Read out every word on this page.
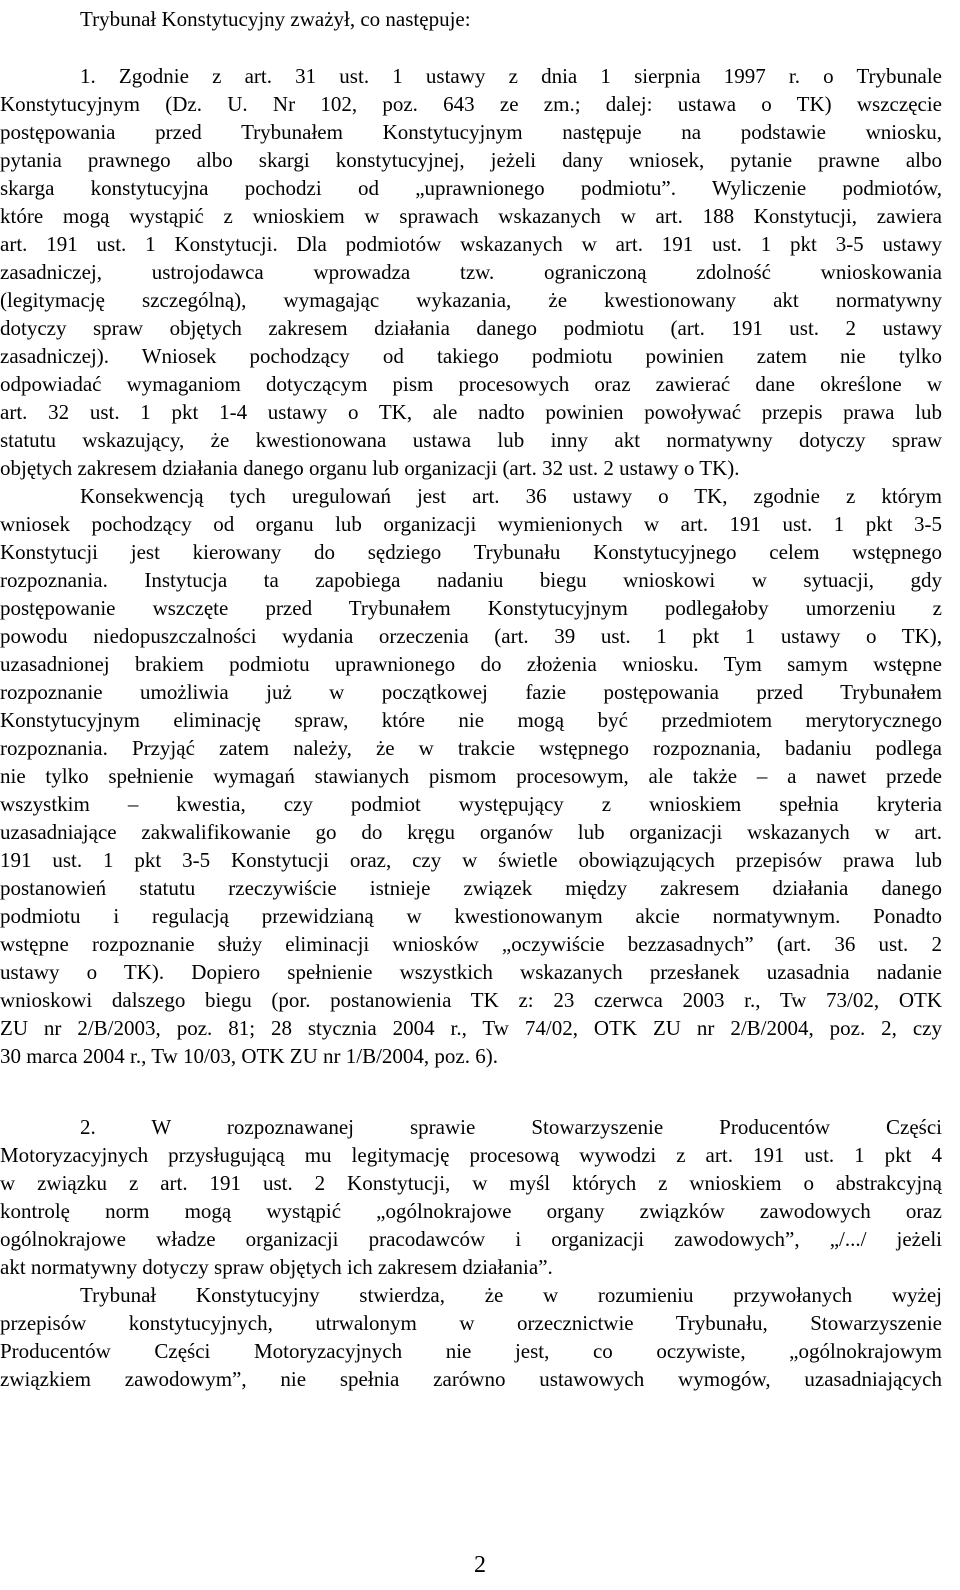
Trybunał Konstytucyjny zważył, co następuje:
1. Zgodnie z art. 31 ust. 1 ustawy z dnia 1 sierpnia 1997 r. o Trybunale
Konstytucyjnym (Dz. U. Nr 102, poz. 643 ze zm.; dalej: ustawa o TK) wszczęcie
postępowania przed Trybunałem Konstytucyjnym następuje na podstawie wniosku,
pytania prawnego albo skargi konstytucyjnej, jeżeli dany wniosek, pytanie prawne albo
skarga konstytucyjna pochodzi od „uprawnionego podmiotu”. Wyliczenie podmiotów,
które mogą wystąpić z wnioskiem w sprawach wskazanych w art. 188 Konstytucji, zawiera
art. 191 ust. 1 Konstytucji. Dla podmiotów wskazanych w art. 191 ust. 1 pkt 3-5 ustawy
zasadniczej, ustrojodawca wprowadza tzw. ograniczoną zdolność wnioskowania
(legitymację szczególną), wymagając wykazania, że kwestionowany akt normatywny
dotyczy spraw objętych zakresem działania danego podmiotu (art. 191 ust. 2 ustawy
zasadniczej). Wniosek pochodzący od takiego podmiotu powinien zatem nie tylko
odpowiadać wymaganiom dotyczącym pism procesowych oraz zawierać dane określone w
art. 32 ust. 1 pkt 1-4 ustawy o TK, ale nadto powinien powoływać przepis prawa lub
statutu wskazujący, że kwestionowana ustawa lub inny akt normatywny dotyczy spraw
objętych zakresem działania danego organu lub organizacji (art. 32 ust. 2 ustawy o TK).
Konsekwencją tych uregulowań jest art. 36 ustawy o TK, zgodnie z którym
wniosek pochodzący od organu lub organizacji wymienionych w art. 191 ust. 1 pkt 3-5
Konstytucji jest kierowany do sędziego Trybunału Konstytucyjnego celem wstępnego
rozpoznania. Instytucja ta zapobiega nadaniu biegu wnioskowi w sytuacji, gdy
postępowanie wszczęte przed Trybunałem Konstytucyjnym podlegałoby umorzeniu z
powodu niedopuszczalności wydania orzeczenia (art. 39 ust. 1 pkt 1 ustawy o TK),
uzasadnionej brakiem podmiotu uprawnionego do złożenia wniosku. Tym samym wstępne
rozpoznanie umożliwia już w początkowej fazie postępowania przed Trybunałem
Konstytucyjnym eliminację spraw, które nie mogą być przedmiotem merytorycznego
rozpoznania. Przyjąć zatem należy, że w trakcie wstępnego rozpoznania, badaniu podlega
nie tylko spełnienie wymagań stawianych pismom procesowym, ale także – a nawet przede
wszystkim – kwestia, czy podmiot występujący z wnioskiem spełnia kryteria
uzasadniające zakwalifikowanie go do kręgu organów lub organizacji wskazanych w art.
191 ust. 1 pkt 3-5 Konstytucji oraz, czy w świetle obowiązujących przepisów prawa lub
postanowień statutu rzeczywiście istnieje związek między zakresem działania danego
podmiotu i regulacją przewidzianą w kwestionowanym akcie normatywnym. Ponadto
wstępne rozpoznanie służy eliminacji wniosków „oczywiście bezzasadnych” (art. 36 ust. 2
ustawy o TK). Dopiero spełnienie wszystkich wskazanych przesłanek uzasadnia nadanie
wnioskowi dalszego biegu (por. postanowienia TK z: 23 czerwca 2003 r., Tw 73/02, OTK
ZU nr 2/B/2003, poz. 81; 28 stycznia 2004 r., Tw 74/02, OTK ZU nr 2/B/2004, poz. 2, czy
30 marca 2004 r., Tw 10/03, OTK ZU nr 1/B/2004, poz. 6).
2. W rozpoznawanej sprawie Stowarzyszenie Producentów Części
Motoryzacyjnych przysługującą mu legitymację procesową wywodzi z art. 191 ust. 1 pkt 4
w związku z art. 191 ust. 2 Konstytucji, w myśl których z wnioskiem o abstrakcyjną
kontrolę norm mogą wystąpić „ogólnokrajowe organy związków zawodowych oraz
ogólnokrajowe władze organizacji pracodawców i organizacji zawodowych”, „/.../ jeżeli
akt normatywny dotyczy spraw objętych ich zakresem działania”.
Trybunał Konstytucyjny stwierdza, że w rozumieniu przywołanych wyżej
przepisów konstytucyjnych, utrwalonym w orzecznictwie Trybunału, Stowarzyszenie
Producentów Części Motoryzacyjnych nie jest, co oczywiste, „ogólnokrajowym
związkiem zawodowym”, nie spełnia zarówno ustawowych wymogów, uzasadniających
2
